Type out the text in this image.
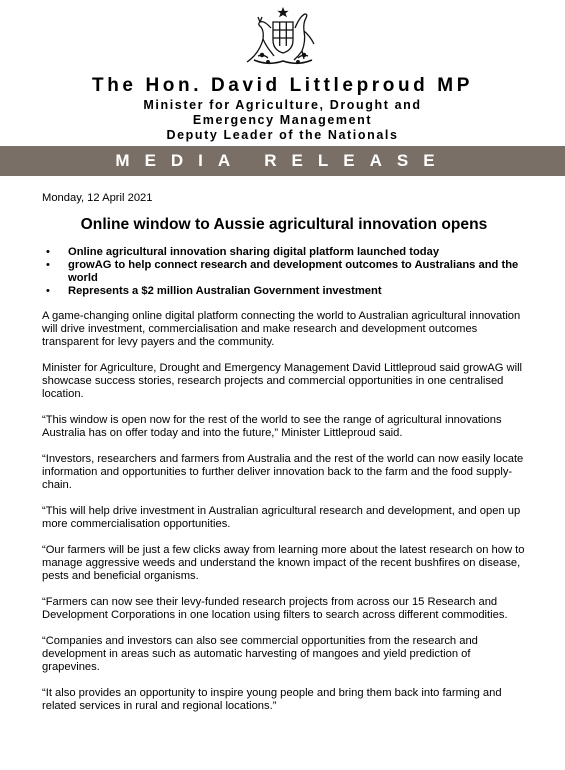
The Hon. David Littleproud MP
Minister for Agriculture, Drought and
Emergency Management
Deputy Leader of the Nationals
MEDIA RELEASE
Monday, 12 April 2021
Online window to Aussie agricultural innovation opens
• Online agricultural innovation sharing digital platform launched today
• growAG to help connect research and development outcomes to Australians and the world
• Represents a $2 million Australian Government investment

A game-changing online digital platform connecting the world to Australian agricultural innovation will drive investment, commercialisation and make research and development outcomes transparent for levy payers and the community.

Minister for Agriculture, Drought and Emergency Management David Littleproud said growAG will showcase success stories, research projects and commercial opportunities in one centralised location.

“This window is open now for the rest of the world to see the range of agricultural innovations Australia has on offer today and into the future,” Minister Littleproud said.

“Investors, researchers and farmers from Australia and the rest of the world can now easily locate information and opportunities to further deliver innovation back to the farm and the food supply-chain.

“This will help drive investment in Australian agricultural research and development, and open up more commercialisation opportunities.

“Our farmers will be just a few clicks away from learning more about the latest research on how to manage aggressive weeds and understand the known impact of the recent bushfires on disease, pests and beneficial organisms.

“Farmers can now see their levy-funded research projects from across our 15 Research and Development Corporations in one location using filters to search across different commodities.

“Companies and investors can also see commercial opportunities from the research and development in areas such as automatic harvesting of mangoes and yield prediction of grapevines.

“It also provides an opportunity to inspire young people and bring them back into farming and related services in rural and regional locations.”
